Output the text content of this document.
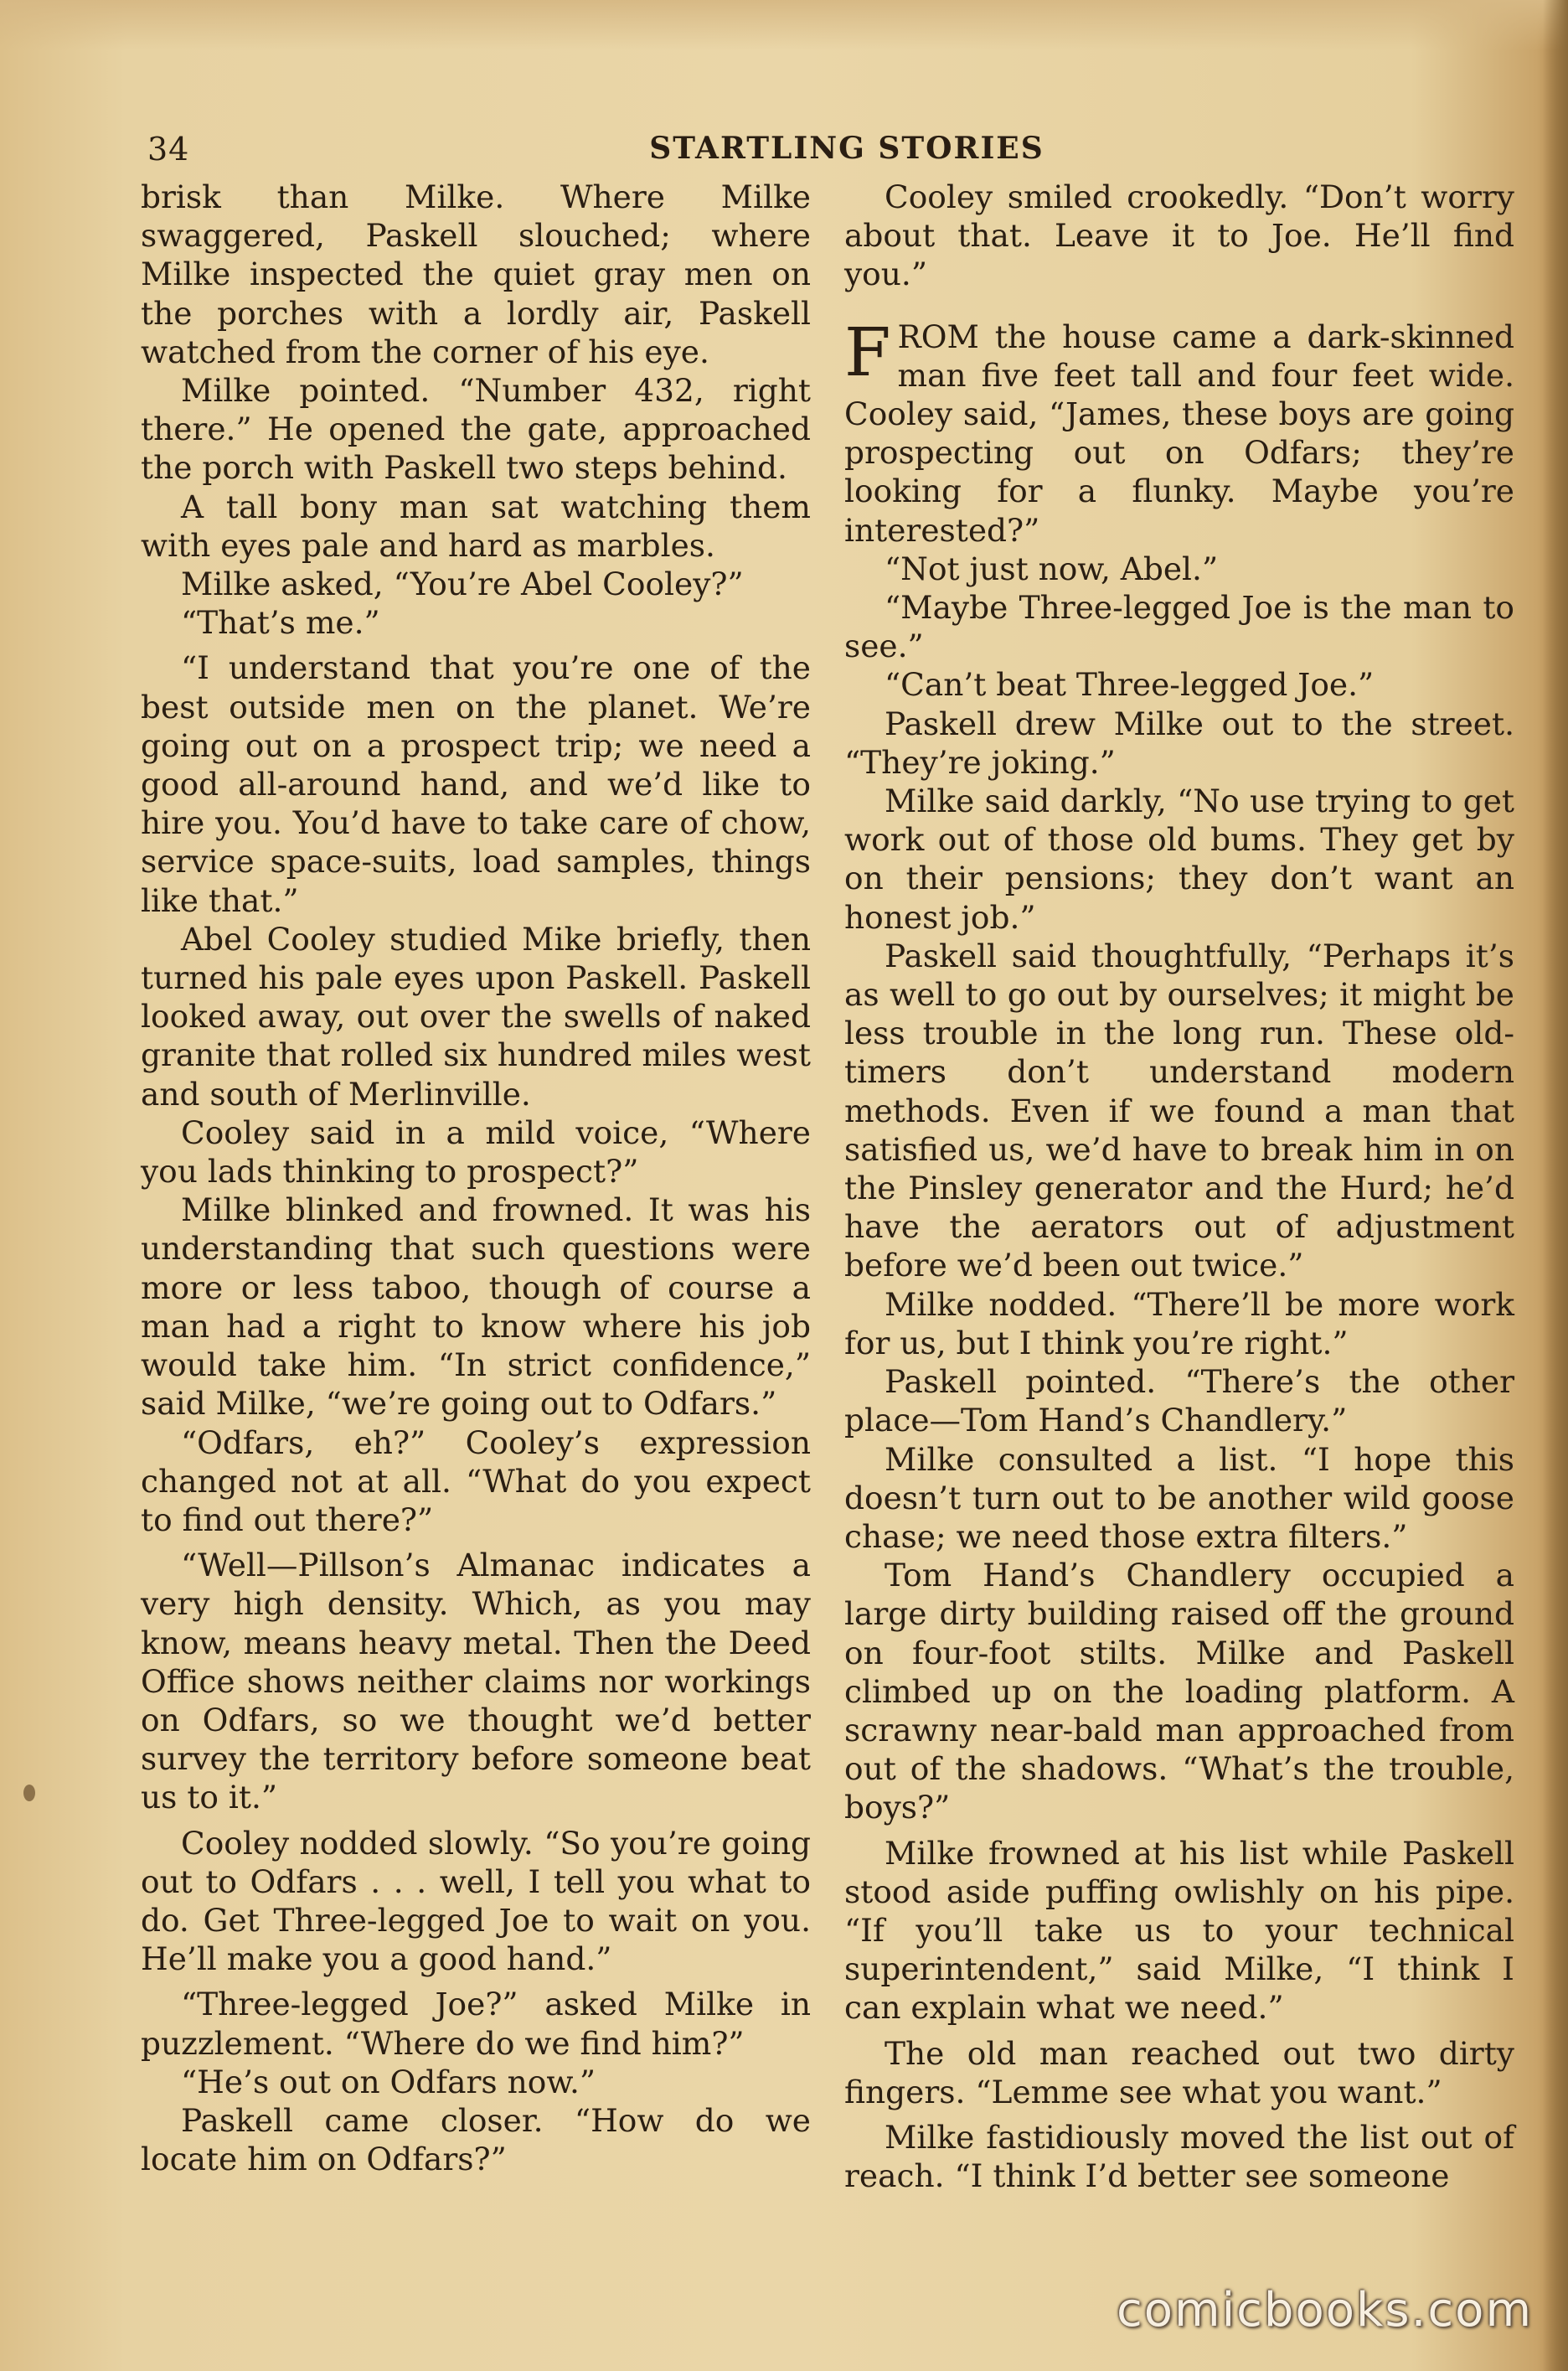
34	STARTLING STORIES

brisk than Milke. Where Milke swaggered, Paskell slouched; where Milke inspected the quiet gray men on the porches with a lordly air, Paskell watched from the corner of his eye.

Milke pointed. “Number 432, right there.” He opened the gate, approached the porch with Paskell two steps behind.

A tall bony man sat watching them with eyes pale and hard as marbles.

Milke asked, “You’re Abel Cooley?”

“That’s me.”

“I understand that you’re one of the best outside men on the planet. We’re going out on a prospect trip; we need a good all-around hand, and we’d like to hire you. You’d have to take care of chow, service space-suits, load samples, things like that.”

Abel Cooley studied Mike briefly, then turned his pale eyes upon Paskell. Paskell looked away, out over the swells of naked granite that rolled six hundred miles west and south of Merlinville.

Cooley said in a mild voice, “Where you lads thinking to prospect?”

Milke blinked and frowned. It was his understanding that such questions were more or less taboo, though of course a man had a right to know where his job would take him. “In strict confidence,” said Milke, “we’re going out to Odfars.”

“Odfars, eh?” Cooley’s expression changed not at all. “What do you expect to find out there?”

“Well—Pillson’s Almanac indicates a very high density. Which, as you may know, means heavy metal. Then the Deed Office shows neither claims nor workings on Odfars, so we thought we’d better survey the territory before someone beat us to it.”

Cooley nodded slowly. “So you’re going out to Odfars . . . well, I tell you what to do. Get Three-legged Joe to wait on you. He’ll make you a good hand.”

“Three-legged Joe?” asked Milke in puzzlement. “Where do we find him?”

“He’s out on Odfars now.”

Paskell came closer. “How do we locate him on Odfars?”

Cooley smiled crookedly. “Don’t worry about that. Leave it to Joe. He’ll find you.”

FROM the house came a dark-skinned man five feet tall and four feet wide. Cooley said, “James, these boys are going prospecting out on Odfars; they’re looking for a flunky. Maybe you’re interested?”

“Not just now, Abel.”

“Maybe Three-legged Joe is the man to see.”

“Can’t beat Three-legged Joe.”

Paskell drew Milke out to the street. “They’re joking.”

Milke said darkly, “No use trying to get work out of those old bums. They get by on their pensions; they don’t want an honest job.”

Paskell said thoughtfully, “Perhaps it’s as well to go out by ourselves; it might be less trouble in the long run. These old-timers don’t understand modern methods. Even if we found a man that satisfied us, we’d have to break him in on the Pinsley generator and the Hurd; he’d have the aerators out of adjustment before we’d been out twice.”

Milke nodded. “There’ll be more work for us, but I think you’re right.”

Paskell pointed. “There’s the other place—Tom Hand’s Chandlery.”

Milke consulted a list. “I hope this doesn’t turn out to be another wild goose chase; we need those extra filters.”

Tom Hand’s Chandlery occupied a large dirty building raised off the ground on four-foot stilts. Milke and Paskell climbed up on the loading platform. A scrawny near-bald man approached from out of the shadows. “What’s the trouble, boys?”

Milke frowned at his list while Paskell stood aside puffing owlishly on his pipe. “If you’ll take us to your technical superintendent,” said Milke, “I think I can explain what we need.”

The old man reached out two dirty fingers. “Lemme see what you want.”

Milke fastidiously moved the list out of reach. “I think I’d better see someone

comicbooks.com
